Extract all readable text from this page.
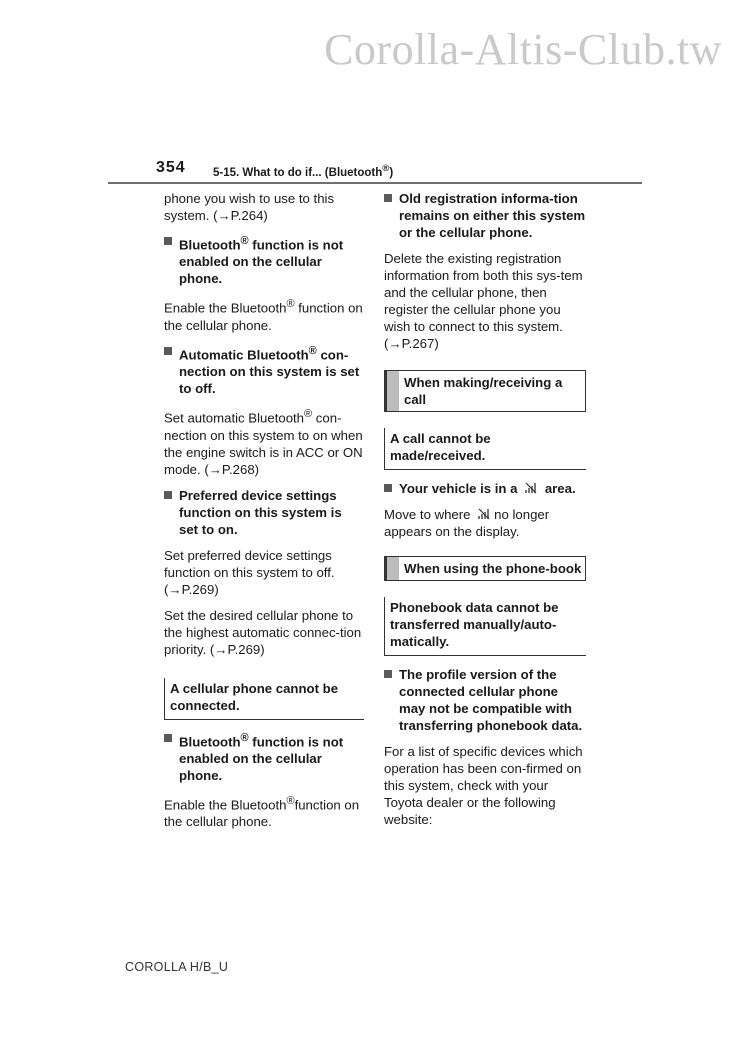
Corolla-Altis-Club.tw
354 5-15. What to do if... (Bluetooth®)

phone you wish to use to this system. (→P.264)

Bluetooth® function is not enabled on the cellular phone.

Enable the Bluetooth® function on the cellular phone.

Automatic Bluetooth® con-nection on this system is set to off.

Set automatic Bluetooth® con-nection on this system to on when the engine switch is in ACC or ON mode. (→P.268)

Preferred device settings function on this system is set to on.

Set preferred device settings function on this system to off. (→P.269)

Set the desired cellular phone to the highest automatic connec-tion priority. (→P.269)

A cellular phone cannot be connected.
Bluetooth® function is not enabled on the cellular phone.

Enable the Bluetooth®function on the cellular phone.

Old registration informa-tion remains on either this system or the cellular phone.

Delete the existing registration information from both this sys-tem and the cellular phone, then register the cellular phone you wish to connect to this system. (→P.267)

When making/receiving a call
A call cannot be made/received.
Your vehicle is in a area.

Move to where no longer appears on the display.

When using the phone-book
Phonebook data cannot be transferred manually/auto-matically.
The profile version of the connected cellular phone may not be compatible with transferring phonebook data.

For a list of specific devices which operation has been con-firmed on this system, check with your Toyota dealer or the following website:

COROLLA H/B_U
